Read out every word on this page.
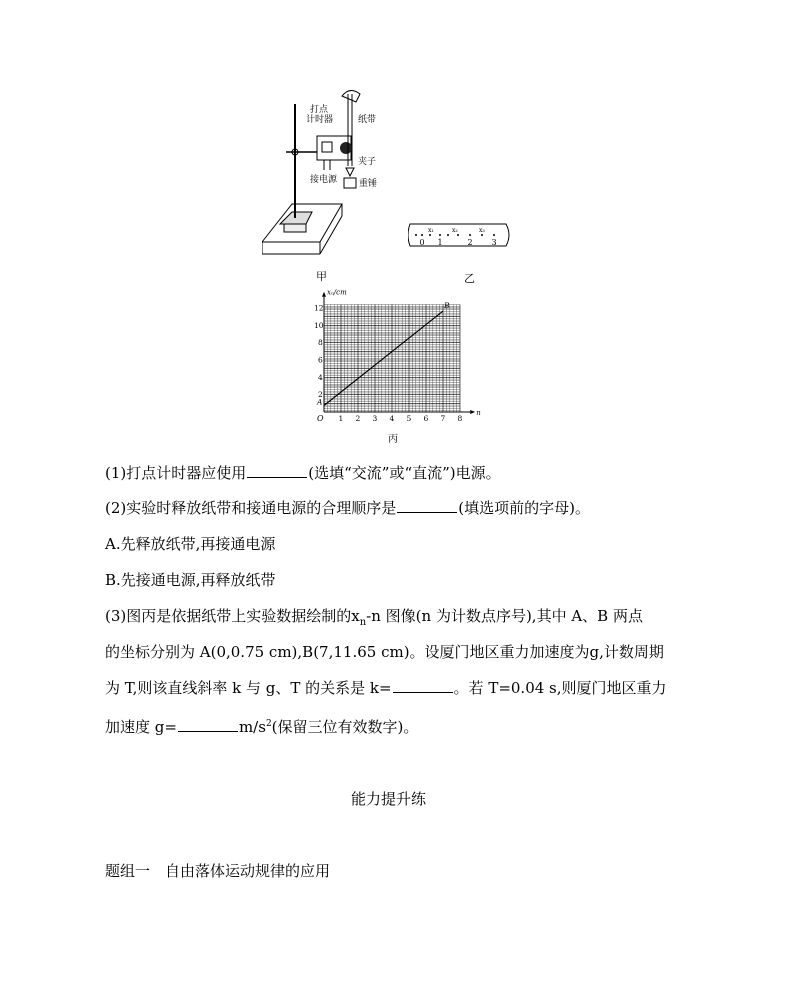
打点
计时器	纸带
接电源
夹子
重锤
甲
0 1	2 3
x₁	x₂	x₃
乙
xₙ/cm
n
O
丙
1 2 3 4 5 6 7 8
2
4
6
8
10
12
A
B
(1)打点计时器应使用	(选填“交流”或“直流”)电源。
(2)实验时释放纸带和接通电源的合理顺序是	(填选项前的字母)。
A.先释放纸带,再接通电源
B.先接通电源,再释放纸带
(3)图丙是依据纸带上实验数据绘制的$x_n-n$ 图像(n 为计数点序号),其中 A、B 两点
的坐标分别为 A(0,0.75 cm),B(7,11.65 cm)。设厦门地区重力加速度为g,计数周期
为 T,则该直线斜率 k 与 g、T 的关系是 k=	。若 T=0.04 s,则厦门地区重力
加速度 g=	$m/s^2$(保留三位有效数字)。
能力提升练
题组一　自由落体运动规律的应用
